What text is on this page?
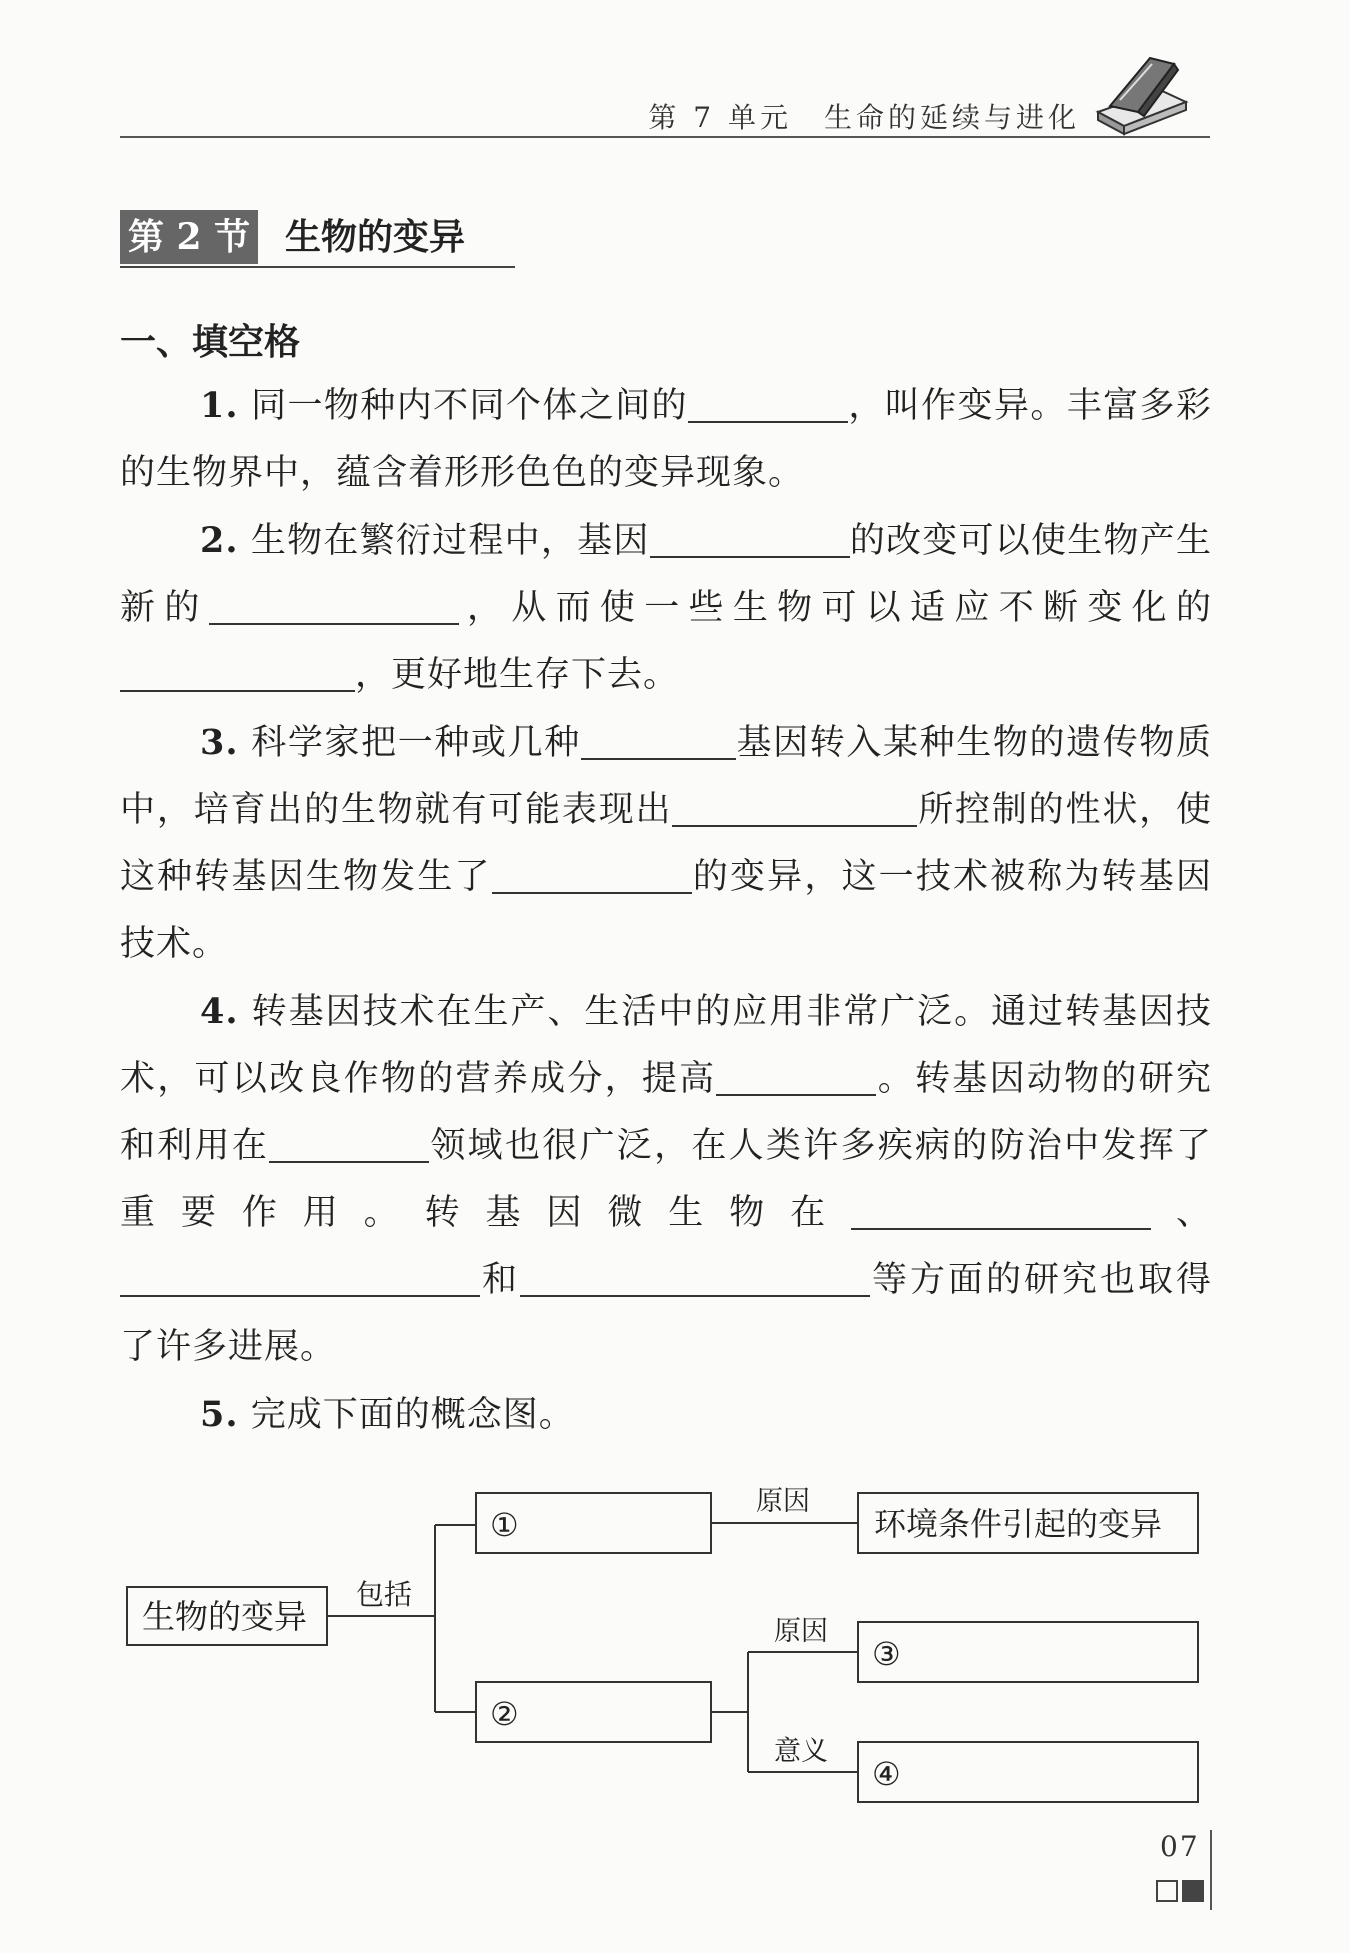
第 7 单元　生命的延续与进化
第 2 节 生物的变异
一、填空格

1. 同一物种内不同个体之间的	，叫作变异。丰富多彩的生物界中，蕴含着形形色色的变异现象。

2. 生物在繁衍过程中，基因	的改变可以使生物产生新的	，从而使一些生物可以适应不断变化的，更好地生存下去。

3. 科学家把一种或几种	基因转入某种生物的遗传物质中，培育出的生物就有可能表现出	所控制的性状，使这种转基因生物发生了	的变异，这一技术被称为转基因技术。

4. 转基因技术在生产、生活中的应用非常广泛。通过转基因技术，可以改良作物的营养成分，提高	。转基因动物的研究和利用在	领域也很广泛，在人类许多疾病的防治中发挥了重要作用。转基因微生物在	、和	等方面的研究也取得了许多进展。

5. 完成下面的概念图。

生物的变异
包括
原因
原因
意义
环境条件引起的变异
①
②
③
④
07
